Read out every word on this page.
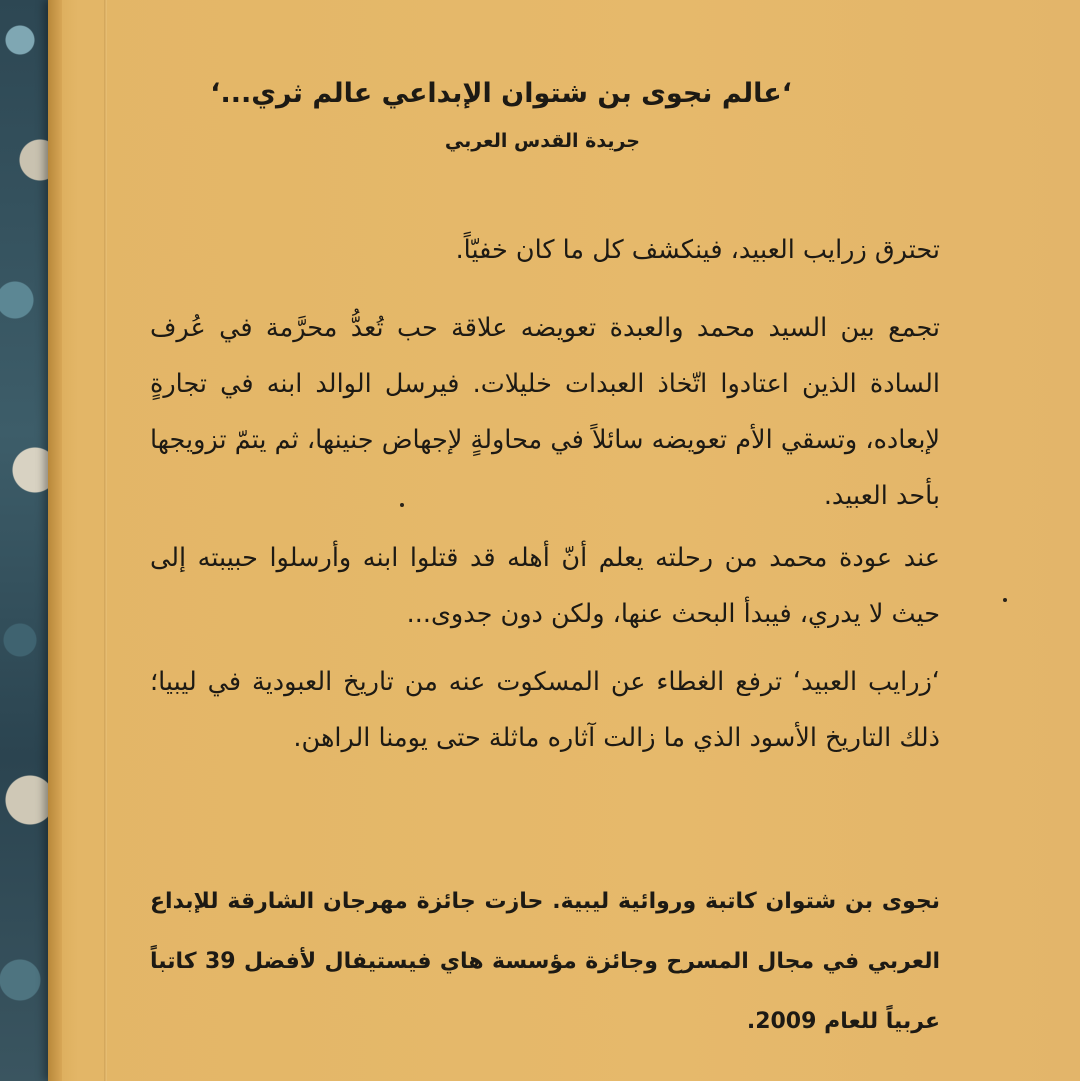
‘عالم نجوى بن شتوان الإبداعي عالم ثري...‘

جريدة القدس العربي

تحترق زرايب العبيد، فينكشف كل ما كان خفيّاً.

تجمع بين السيد محمد والعبدة تعويضه علاقة حب تُعدُّ محرَّمة في عُرف السادة الذين اعتادوا اتّخاذ العبدات خليلات. فيرسل الوالد ابنه في تجارةٍ لإبعاده، وتسقي الأم تعويضه سائلاً في محاولةٍ لإجهاض جنينها، ثم يتمّ تزويجها بأحد العبيد.

عند عودة محمد من رحلته يعلم أنّ أهله قد قتلوا ابنه وأرسلوا حبيبته إلى حيث لا يدري، فيبدأ البحث عنها، ولكن دون جدوى...

‘زرايب العبيد‘ ترفع الغطاء عن المسكوت عنه من تاريخ العبودية في ليبيا؛ ذلك التاريخ الأسود الذي ما زالت آثاره ماثلة حتى يومنا الراهن.

نجوى بن شتوان كاتبة وروائية ليبية. حازت جائزة مهرجان الشارقة للإبداع العربي في مجال المسرح وجائزة مؤسسة هاي فيستيفال لأفضل 39 كاتباً عربياً للعام 2009.
